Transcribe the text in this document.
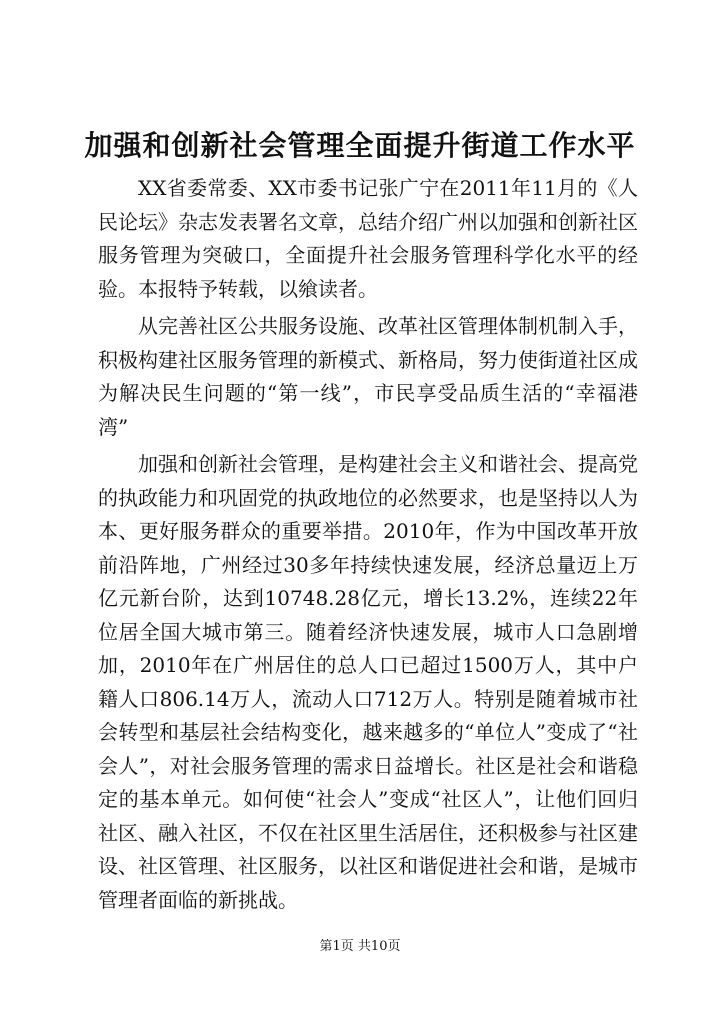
加强和创新社会管理全面提升街道工作水平

XX省委常委、XX市委书记张广宁在2011年11月的《人民论坛》杂志发表署名文章，总结介绍广州以加强和创新社区服务管理为突破口，全面提升社会服务管理科学化水平的经验。本报特予转载，以飨读者。

从完善社区公共服务设施、改革社区管理体制机制入手，积极构建社区服务管理的新模式、新格局，努力使街道社区成为解决民生问题的“第一线”，市民享受品质生活的“幸福港湾”

加强和创新社会管理，是构建社会主义和谐社会、提高党的执政能力和巩固党的执政地位的必然要求，也是坚持以人为本、更好服务群众的重要举措。2010年，作为中国改革开放前沿阵地，广州经过30多年持续快速发展，经济总量迈上万亿元新台阶，达到10748.28亿元，增长13.2%，连续22年位居全国大城市第三。随着经济快速发展，城市人口急剧增加，2010年在广州居住的总人口已超过1500万人，其中户籍人口806.14万人，流动人口712万人。特别是随着城市社会转型和基层社会结构变化，越来越多的“单位人”变成了“社会人”，对社会服务管理的需求日益增长。社区是社会和谐稳定的基本单元。如何使“社会人”变成“社区人”，让他们回归社区、融入社区，不仅在社区里生活居住，还积极参与社区建设、社区管理、社区服务，以社区和谐促进社会和谐，是城市管理者面临的新挑战。

第1页 共10页
